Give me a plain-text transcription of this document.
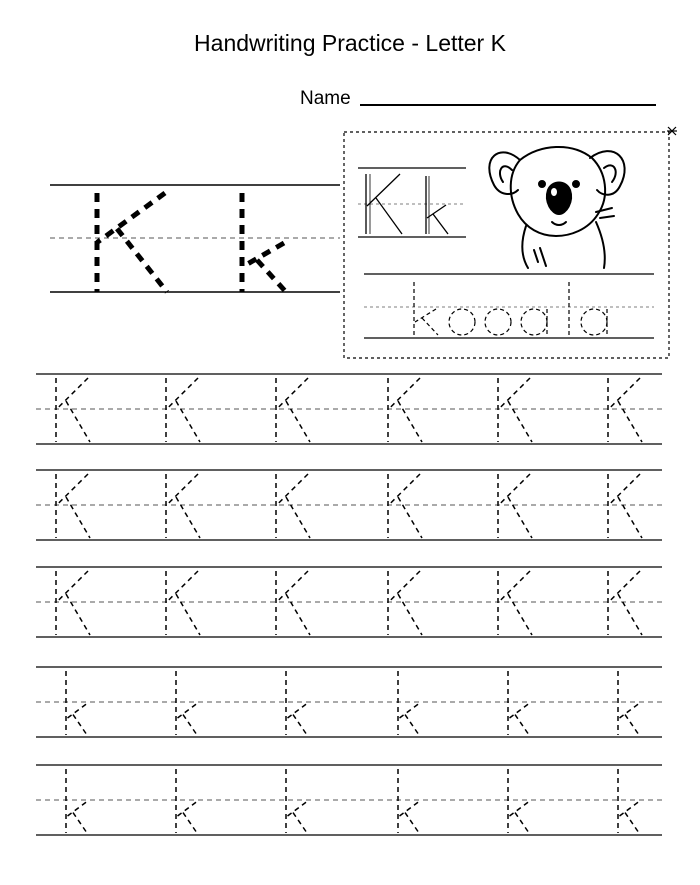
Handwriting Practice - Letter K
Name
